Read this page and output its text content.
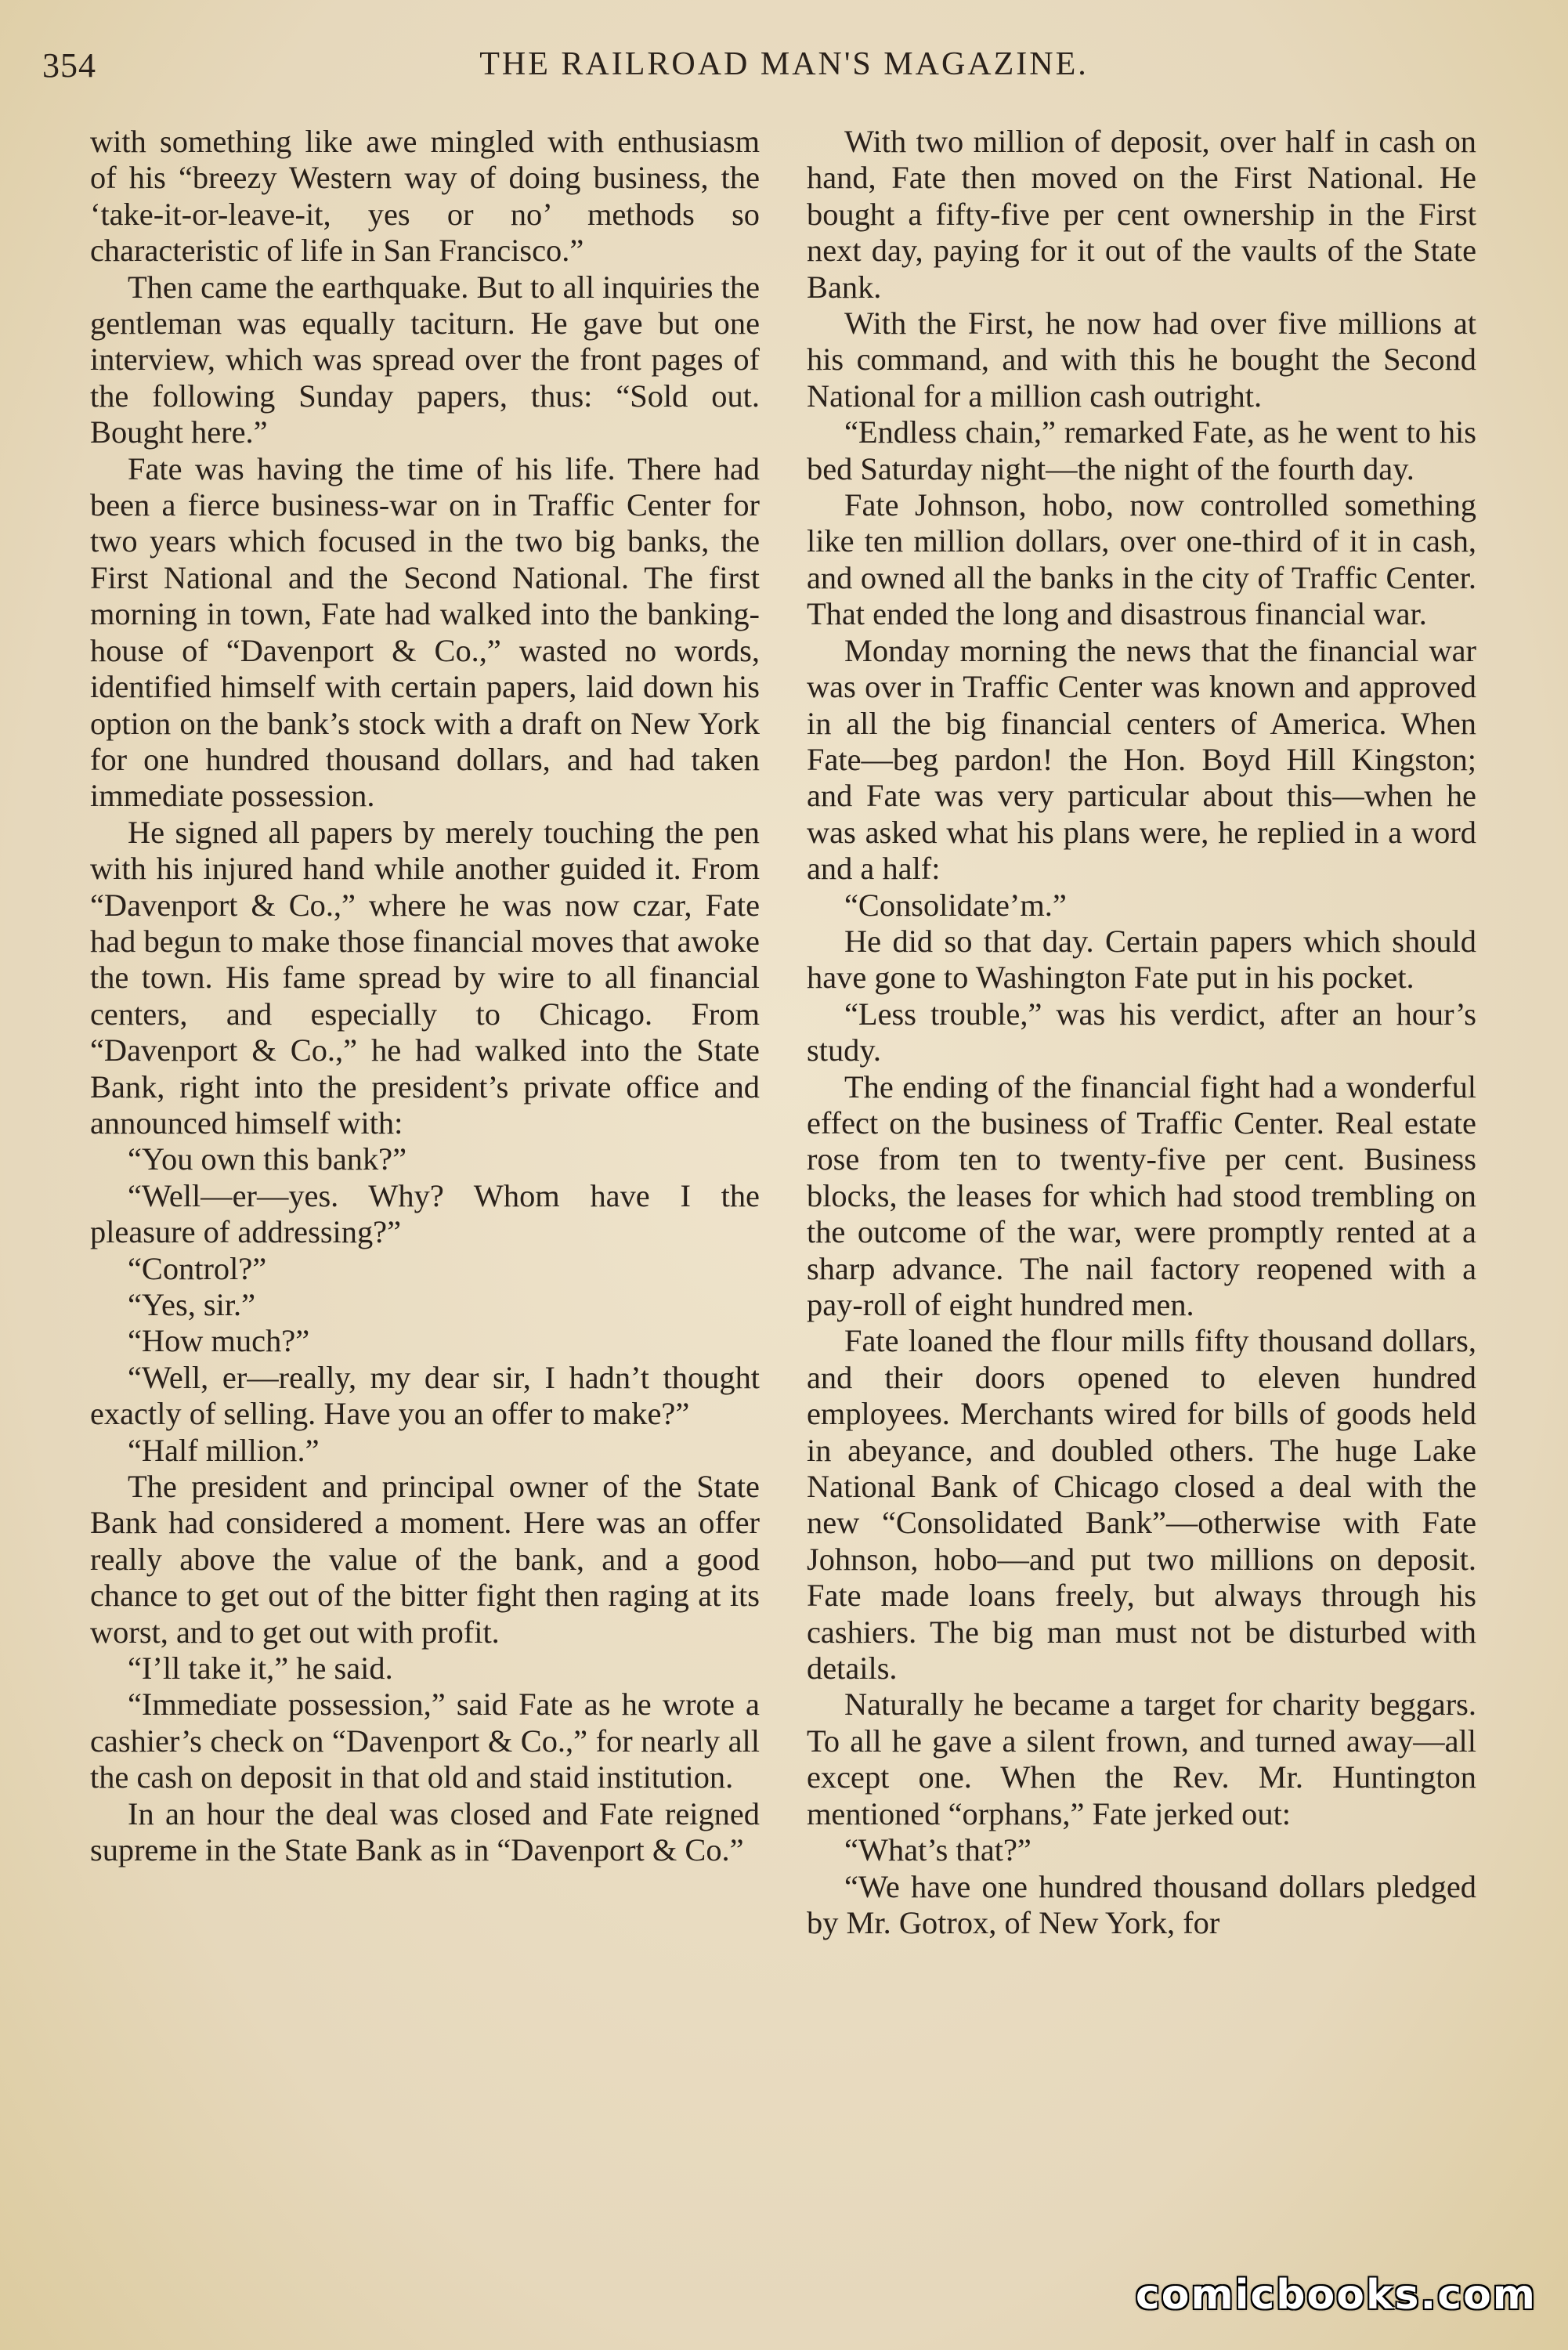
354	THE RAILROAD MAN'S MAGAZINE.

with something like awe mingled with enthusiasm of his “breezy Western way of doing business, the ‘take-it-or-leave-it, yes or no’ methods so characteristic of life in San Francisco.”

Then came the earthquake. But to all inquiries the gentleman was equally taciturn. He gave but one interview, which was spread over the front pages of the following Sunday papers, thus: “Sold out. Bought here.”

Fate was having the time of his life. There had been a fierce business-war on in Traffic Center for two years which focused in the two big banks, the First National and the Second National. The first morning in town, Fate had walked into the banking-house of “Davenport & Co.,” wasted no words, identified himself with certain papers, laid down his option on the bank’s stock with a draft on New York for one hundred thousand dollars, and had taken immediate possession.

He signed all papers by merely touching the pen with his injured hand while another guided it. From “Davenport & Co.,” where he was now czar, Fate had begun to make those financial moves that awoke the town. His fame spread by wire to all financial centers, and especially to Chicago. From “Davenport & Co.,” he had walked into the State Bank, right into the president’s private office and announced himself with:

“You own this bank?”

“Well—er—yes. Why? Whom have I the pleasure of addressing?”

“Control?”

“Yes, sir.”

“How much?”

“Well, er—really, my dear sir, I hadn’t thought exactly of selling. Have you an offer to make?”

“Half million.”

The president and principal owner of the State Bank had considered a moment. Here was an offer really above the value of the bank, and a good chance to get out of the bitter fight then raging at its worst, and to get out with profit.

“I’ll take it,” he said.

“Immediate possession,” said Fate as he wrote a cashier’s check on “Davenport & Co.,” for nearly all the cash on deposit in that old and staid institution.

In an hour the deal was closed and Fate reigned supreme in the State Bank as in “Davenport & Co.”

With two million of deposit, over half in cash on hand, Fate then moved on the First National. He bought a fifty-five per cent ownership in the First next day, paying for it out of the vaults of the State Bank.

With the First, he now had over five millions at his command, and with this he bought the Second National for a million cash outright.

“Endless chain,” remarked Fate, as he went to his bed Saturday night—the night of the fourth day.

Fate Johnson, hobo, now controlled something like ten million dollars, over one-third of it in cash, and owned all the banks in the city of Traffic Center. That ended the long and disastrous financial war.

Monday morning the news that the financial war was over in Traffic Center was known and approved in all the big financial centers of America. When Fate—beg pardon! the Hon. Boyd Hill Kingston; and Fate was very particular about this—when he was asked what his plans were, he replied in a word and a half:

“Consolidate’m.”

He did so that day. Certain papers which should have gone to Washington Fate put in his pocket.

“Less trouble,” was his verdict, after an hour’s study.

The ending of the financial fight had a wonderful effect on the business of Traffic Center. Real estate rose from ten to twenty-five per cent. Business blocks, the leases for which had stood trembling on the outcome of the war, were promptly rented at a sharp advance. The nail factory reopened with a pay-roll of eight hundred men.

Fate loaned the flour mills fifty thousand dollars, and their doors opened to eleven hundred employees. Merchants wired for bills of goods held in abeyance, and doubled others. The huge Lake National Bank of Chicago closed a deal with the new “Consolidated Bank”—otherwise with Fate Johnson, hobo—and put two millions on deposit. Fate made loans freely, but always through his cashiers. The big man must not be disturbed with details.

Naturally he became a target for charity beggars. To all he gave a silent frown, and turned away—all except one. When the Rev. Mr. Huntington mentioned “orphans,” Fate jerked out:

“What’s that?”

“We have one hundred thousand dollars pledged by Mr. Gotrox, of New York, for

comicbooks.com
